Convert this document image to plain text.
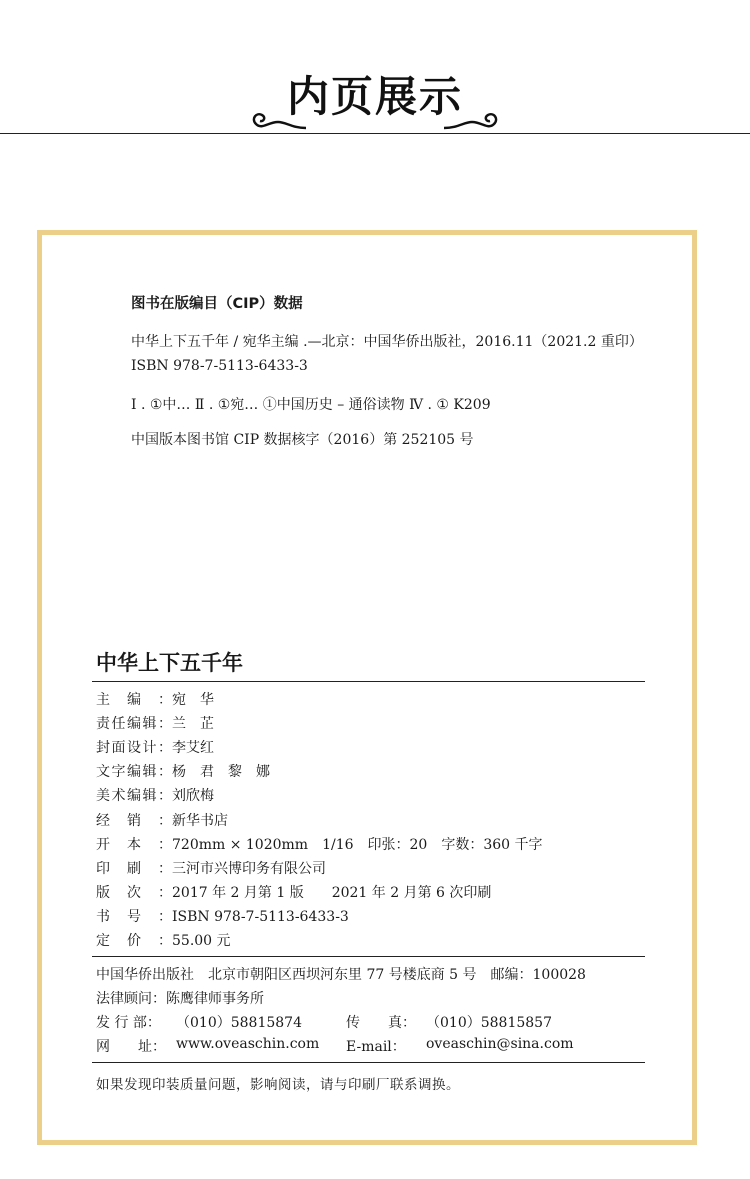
内页展示
图书在版编目（CIP）数据
中华上下五千年 / 宛华主编 .—北京：中国华侨出版社，2016.11（2021.2 重印）
ISBN 978-7-5113-6433-3
Ⅰ . ①中… Ⅱ . ①宛… ①中国历史 – 通俗读物 Ⅳ . ① K209
中国版本图书馆 CIP 数据核字（2016）第 252105 号
中华上下五千年
主编：宛　华
责任编辑：兰　芷
封面设计：李艾红
文字编辑：杨　君　黎　娜
美术编辑：刘欣梅
经销：新华书店
开本：720mm × 1020mm　1/16　印张：20　字数：360 千字
印刷：三河市兴博印务有限公司
版次：2017 年 2 月第 1 版　　2021 年 2 月第 6 次印刷
书号：ISBN 978-7-5113-6433-3
定价：55.00 元
中国华侨出版社　北京市朝阳区西坝河东里 77 号楼底商 5 号　邮编：100028
法律顾问：陈鹰律师事务所
发 行 部： （010）58815874	传　　真： （010）58815857
网　　址： www.oveaschin.com E-mail： oveaschin@sina.com
如果发现印装质量问题，影响阅读，请与印刷厂联系调换。
